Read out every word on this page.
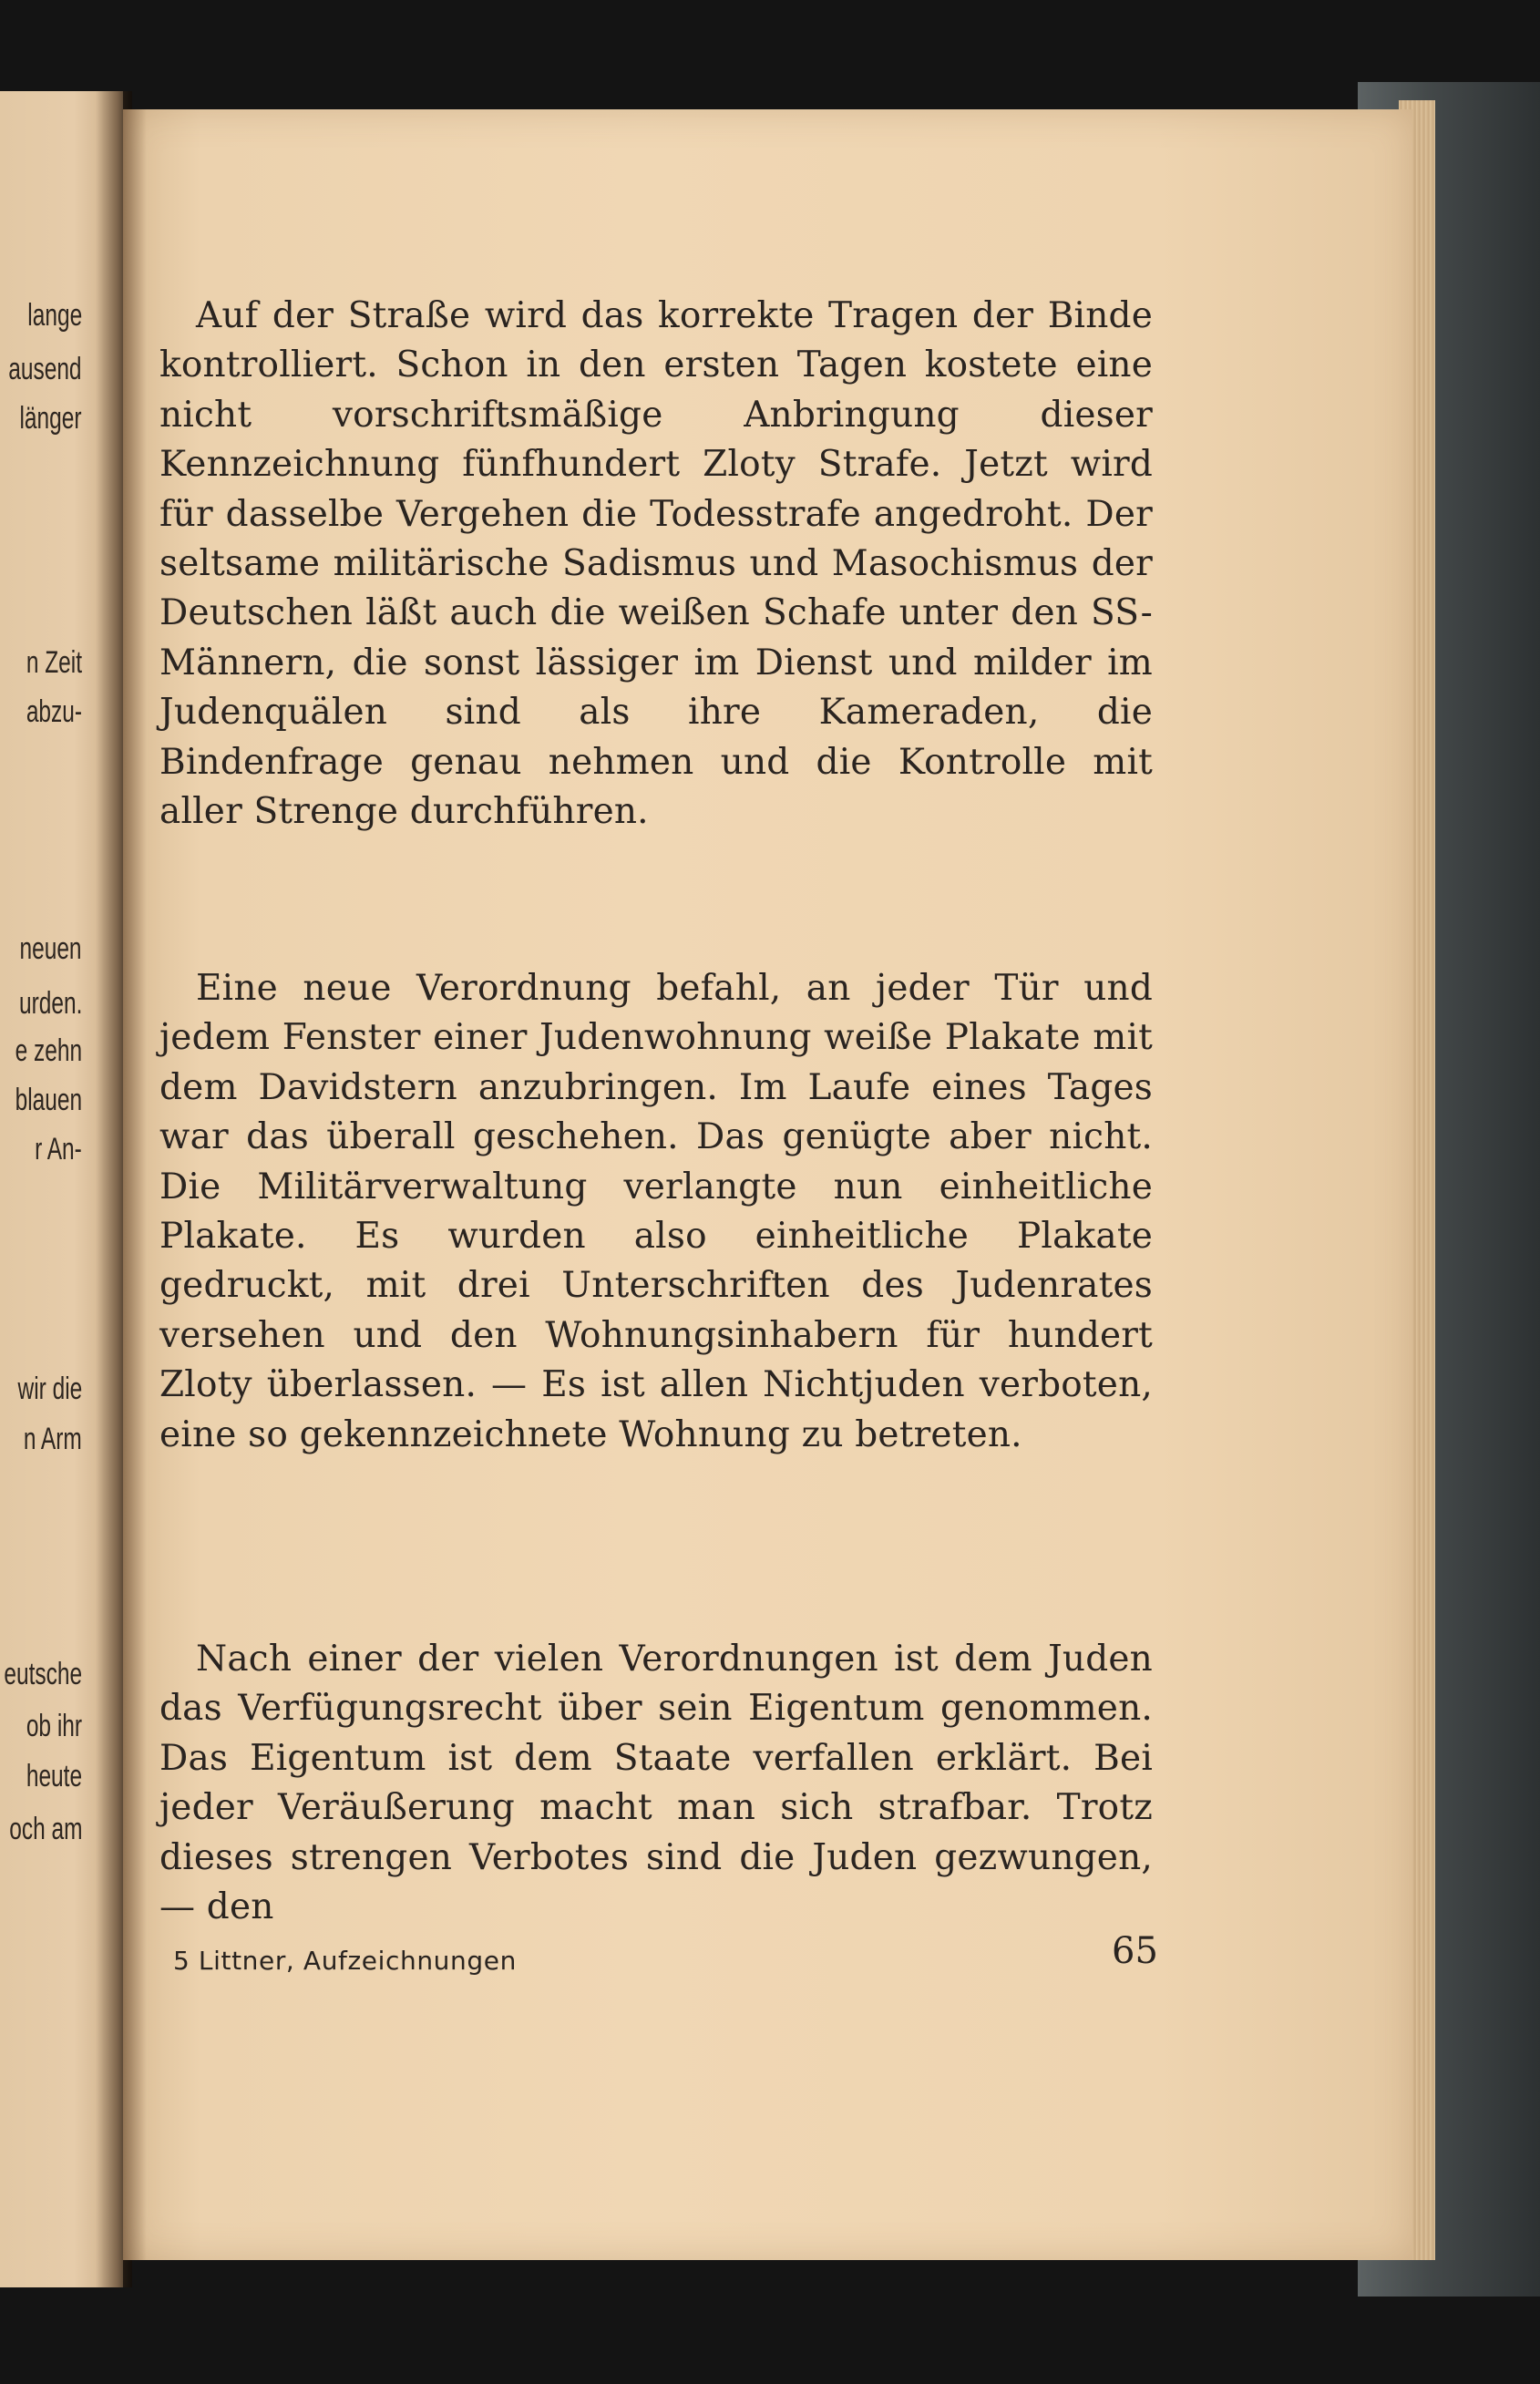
lange
ausend
länger
n Zeit
abzu-
neuen
urden.
e zehn
blauen
r An-
wir die
n Arm
eutsche
ob ihr
heute
och am

Auf der Straße wird das korrekte Tragen der Binde kontrolliert. Schon in den ersten Tagen kostete eine nicht vorschriftsmäßige Anbringung dieser Kennzeichnung fünfhundert Zloty Strafe. Jetzt wird für dasselbe Vergehen die Todesstrafe angedroht. Der seltsame militärische Sadismus und Masochismus der Deutschen läßt auch die weißen Schafe unter den SS-Männern, die sonst lässiger im Dienst und milder im Judenquälen sind als ihre Kameraden, die Bindenfrage genau nehmen und die Kontrolle mit aller Strenge durchführen.

Eine neue Verordnung befahl, an jeder Tür und jedem Fenster einer Judenwohnung weiße Plakate mit dem Davidstern anzubringen. Im Laufe eines Tages war das überall geschehen. Das genügte aber nicht. Die Militärverwaltung verlangte nun einheitliche Plakate. Es wurden also einheitliche Plakate gedruckt, mit drei Unterschriften des Judenrates versehen und den Wohnungsinhabern für hundert Zloty überlassen. — Es ist allen Nichtjuden verboten, eine so gekennzeichnete Wohnung zu betreten.

Nach einer der vielen Verordnungen ist dem Juden das Verfügungsrecht über sein Eigentum genommen. Das Eigentum ist dem Staate verfallen erklärt. Bei jeder Veräußerung macht man sich strafbar. Trotz dieses strengen Verbotes sind die Juden gezwungen, — den

5 Littner, Aufzeichnungen	65
